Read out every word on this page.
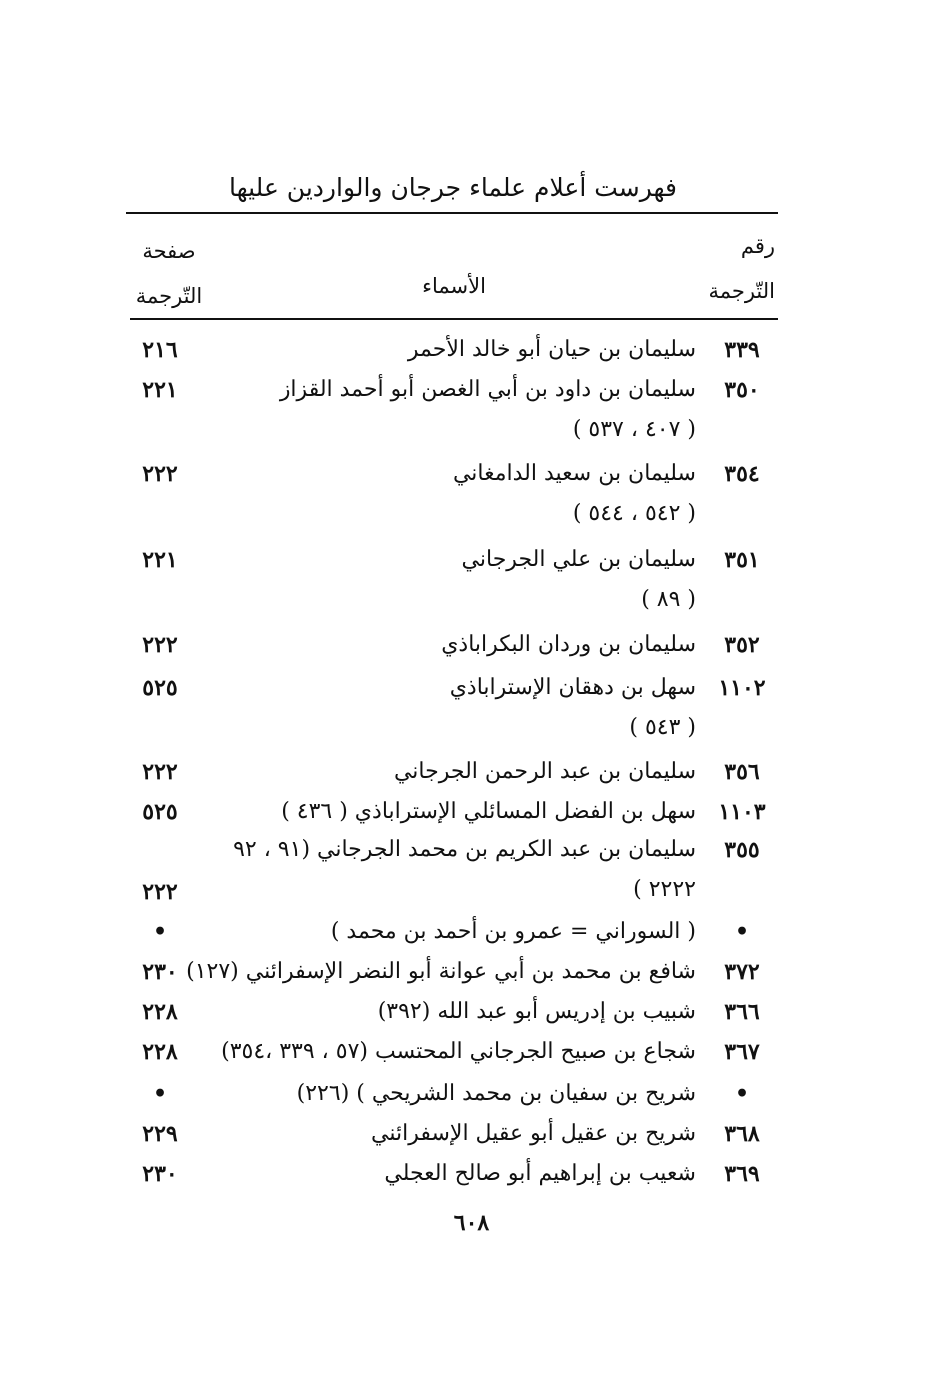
فهرست أعلام علماء جرجان والواردين عليها
رقم
التّرجمة
الأسماء
صفحة
التّرجمة
٣٣٩
سليمان بن حيان أبو خالد الأحمر
٢١٦
٣٥٠
سليمان بن داود بن أبي الغصن أبو أحمد القزاز
٢٢١
( ٤٠٧ ، ٥٣٧ )
٣٥٤
سليمان بن سعيد الدامغاني
٢٢٢
( ٥٤٢ ، ٥٤٤ )
٣٥١
سليمان بن علي الجرجاني
٢٢١
( ٨٩ )
٣٥٢
سليمان بن وردان البكراباذي
٢٢٢
١١٠٢
سهل بن دهقان الإستراباذي
٥٢٥
( ٥٤٣ )
٣٥٦
سليمان بن عبد الرحمن الجرجاني
٢٢٢
١١٠٣
سهل بن الفضل المسائلي الإستراباذي ( ٤٣٦ )
٥٢٥
٣٥٥
سليمان بن عبد الكريم بن محمد الجرجاني (٩١ ، ٩٢
٢٢٢	٢٢٢٢ )
•
( السوراني = عمرو بن أحمد بن محمد )
•
٣٧٢
شافع بن محمد بن أبي عوانة أبو النضر الإسفرائني (١٢٧)
٢٣٠
٣٦٦
شبيب بن إدريس أبو عبد الله (٣٩٢)
٢٢٨
٣٦٧
شجاع بن صبيح الجرجاني المحتسب (٥٧ ، ٣٣٩ ،٣٥٤)
٢٢٨
•
شريح بن سفيان بن محمد الشريحي ) (٢٢٦)
•
٣٦٨
شريح بن عقيل أبو عقيل الإسفرائني
٢٢٩
٣٦٩
شعيب بن إبراهيم أبو صالح العجلي
٢٣٠
٦٠٨
